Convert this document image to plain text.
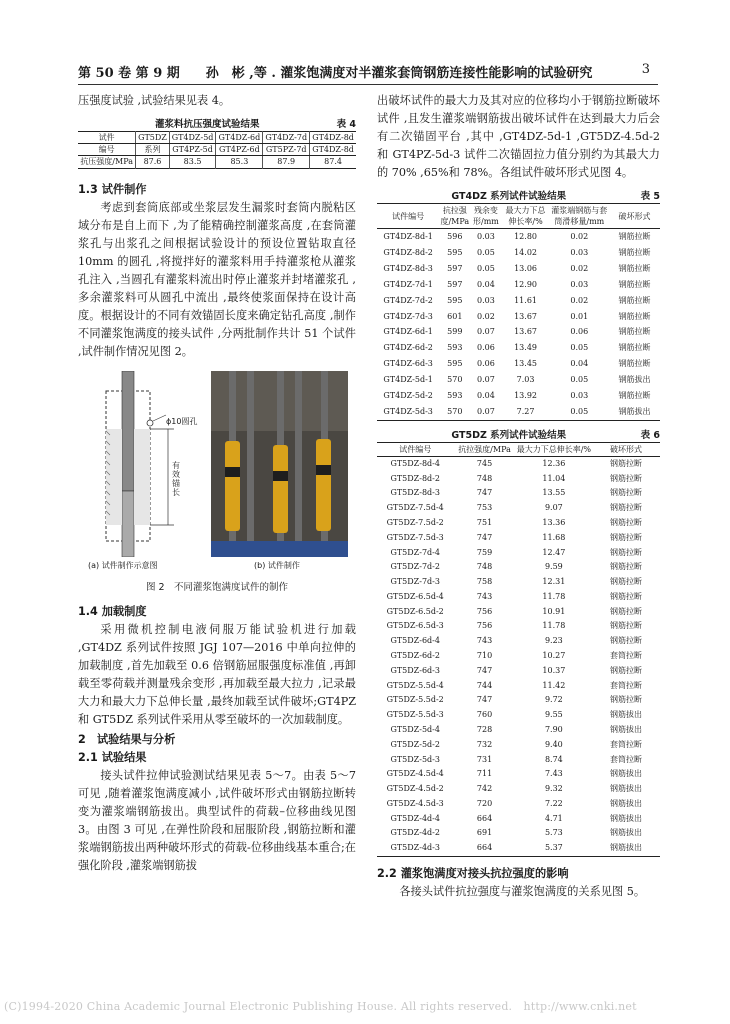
第 50 卷 第 9 期　　孙　彬 ,等 . 灌浆饱满度对半灌浆套筒钢筋连接性能影响的试验研究	3

压强度试验 ,试验结果见表 4。

灌浆料抗压强度试验结果	表 4
试件	GT5DZ	GT4DZ-5d	GT4DZ-6d	GT4DZ-7d	GT4DZ-8d
编号	系列	GT4PZ-5d	GT4PZ-6d	GT5PZ-7d	GT4DZ-8d
抗压强度/MPa	87.6	83.5	85.3	87.9	87.4

1.3 试件制作

考虑到套筒底部或坐浆层发生漏浆时套筒内脱粘区域分布是自上而下 ,为了能精确控制灌浆高度 ,在套筒灌浆孔与出浆孔之间根据试验设计的预设位置钻取直径 10mm 的圆孔 ,将搅拌好的灌浆料用手持灌浆枪从灌浆孔注入 ,当圆孔有灌浆料流出时停止灌浆并封堵灌浆孔 ,多余灌浆料可从圆孔中流出 ,最终使浆面保持在设计高度。根据设计的不同有效锚固长度来确定钻孔高度 ,制作不同灌浆饱满度的接头试件 ,分两批制作共计 51 个试件 ,试件制作情况见图 2。

ϕ10圆孔
有效锚长
(a) 试件制作示意图	(b) 试件制作
图 2　不同灌浆饱满度试件的制作

1.4 加载制度

采用微机控制电液伺服万能试验机进行加载 ,GT4DZ 系列试件按照 JGJ 107—2016 中单向拉伸的加载制度 ,首先加载至 0.6 倍钢筋屈服强度标准值 ,再卸载至零荷载并测量残余变形 ,再加载至最大拉力 ,记录最大力和最大力下总伸长量 ,最终加载至试件破坏;GT4PZ 和 GT5DZ 系列试件采用从零至破坏的一次加载制度。

2　试验结果与分析

2.1 试验结果

接头试件拉伸试验测试结果见表 5～7。由表 5～7可见 ,随着灌浆饱满度减小 ,试件破坏形式由钢筋拉断转变为灌浆端钢筋拔出。典型试件的荷载–位移曲线见图 3。由图 3 可见 ,在弹性阶段和屈服阶段 ,钢筋拉断和灌浆端钢筋拔出两种破坏形式的荷载-位移曲线基本重合;在强化阶段 ,灌浆端钢筋拔

出破坏试件的最大力及其对应的位移均小于钢筋拉断破坏试件 ,且发生灌浆端钢筋拔出破坏试件在达到最大力后会有二次锚固平台 ,其中 ,GT4DZ-5d-1 ,GT5DZ-4.5d-2 和 GT4PZ-5d-3 试件二次锚固拉力值分别约为其最大力的 70% ,65%和 78%。各组试件破坏形式见图 4。

GT4DZ 系列试件试验结果	表 5
试件编号	抗拉强度/MPa	残余变形/mm	最大力下总伸长率/%	灌浆端钢筋与套筒滑移量/mm	破坏形式
GT4DZ-8d-1	596	0.03	12.80	0.02	钢筋拉断
GT4DZ-8d-2	595	0.05	14.02	0.03	钢筋拉断
GT4DZ-8d-3	597	0.05	13.06	0.02	钢筋拉断
GT4DZ-7d-1	597	0.04	12.90	0.03	钢筋拉断
GT4DZ-7d-2	595	0.03	11.61	0.02	钢筋拉断
GT4DZ-7d-3	601	0.02	13.67	0.01	钢筋拉断
GT4DZ-6d-1	599	0.07	13.67	0.06	钢筋拉断
GT4DZ-6d-2	593	0.06	13.49	0.05	钢筋拉断
GT4DZ-6d-3	595	0.06	13.45	0.04	钢筋拉断
GT4DZ-5d-1	570	0.07	7.03	0.05	钢筋拔出
GT4DZ-5d-2	593	0.04	13.92	0.03	钢筋拉断
GT4DZ-5d-3	570	0.07	7.27	0.05	钢筋拔出
GT5DZ 系列试件试验结果	表 6
试件编号	抗拉强度/MPa	最大力下总伸长率/%	破坏形式
GT5DZ-8d-4	745	12.36	钢筋拉断
GT5DZ-8d-2	748	11.04	钢筋拉断
GT5DZ-8d-3	747	13.55	钢筋拉断
GT5DZ-7.5d-4	753	9.07	钢筋拉断
GT5DZ-7.5d-2	751	13.36	钢筋拉断
GT5DZ-7.5d-3	747	11.68	钢筋拉断
GT5DZ-7d-4	759	12.47	钢筋拉断
GT5DZ-7d-2	748	9.59	钢筋拉断
GT5DZ-7d-3	758	12.31	钢筋拉断
GT5DZ-6.5d-4	743	11.78	钢筋拉断
GT5DZ-6.5d-2	756	10.91	钢筋拉断
GT5DZ-6.5d-3	756	11.78	钢筋拉断
GT5DZ-6d-4	743	9.23	钢筋拉断
GT5DZ-6d-2	710	10.27	套筒拉断
GT5DZ-6d-3	747	10.37	钢筋拉断
GT5DZ-5.5d-4	744	11.42	套筒拉断
GT5DZ-5.5d-2	747	9.72	钢筋拉断
GT5DZ-5.5d-3	760	9.55	钢筋拔出
GT5DZ-5d-4	728	7.90	钢筋拔出
GT5DZ-5d-2	732	9.40	套筒拉断
GT5DZ-5d-3	731	8.74	套筒拉断
GT5DZ-4.5d-4	711	7.43	钢筋拔出
GT5DZ-4.5d-2	742	9.32	钢筋拔出
GT5DZ-4.5d-3	720	7.22	钢筋拔出
GT5DZ-4d-4	664	4.71	钢筋拔出
GT5DZ-4d-2	691	5.73	钢筋拔出
GT5DZ-4d-3	664	5.37	钢筋拔出

2.2 灌浆饱满度对接头抗拉强度的影响

各接头试件抗拉强度与灌浆饱满度的关系见图 5。

(C)1994-2020 China Academic Journal Electronic Publishing House. All rights reserved.　http://www.cnki.net
